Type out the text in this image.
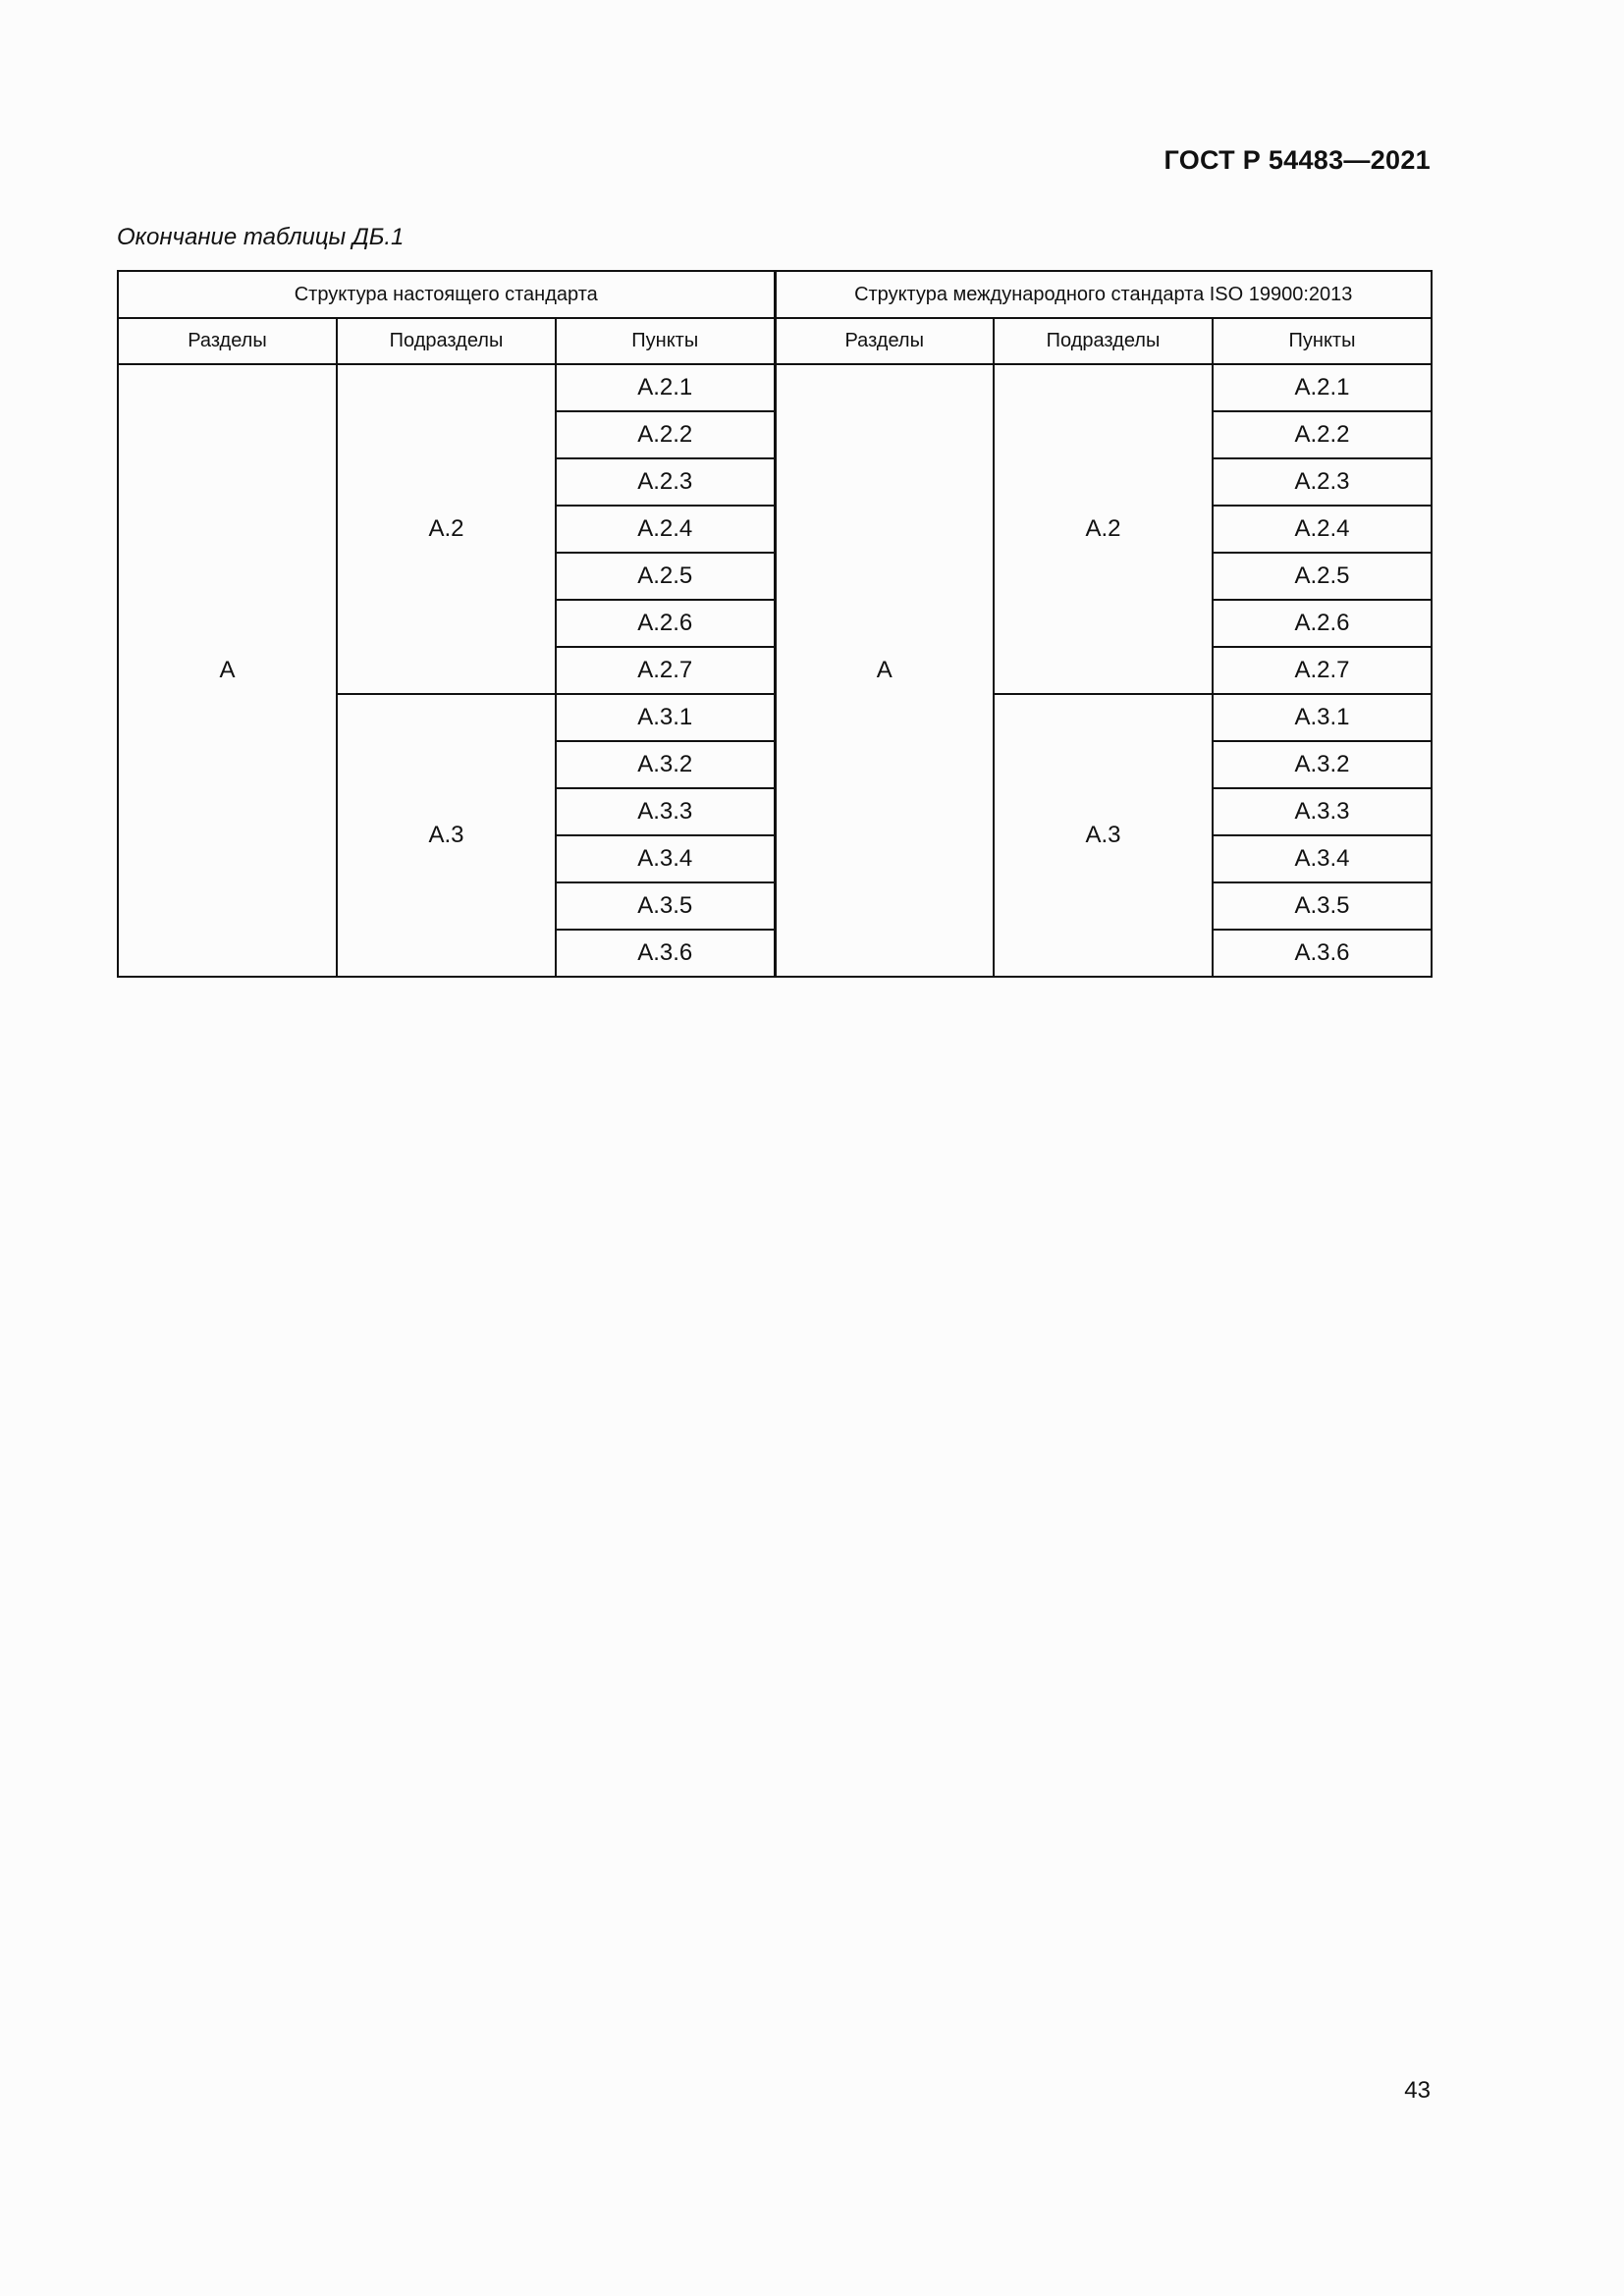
ГОСТ Р 54483—2021
Окончание таблицы ДБ.1
Структура настоящего стандарта			Структура международного стандарта ISO 19900:2013		
Разделы	Подразделы	Пункты	Разделы	Подразделы	Пункты
А	А.2	А.2.1	А	А.2	А.2.1
		А.2.2			А.2.2
		А.2.3			А.2.3
		А.2.4			А.2.4
		А.2.5			А.2.5
		А.2.6			А.2.6
		А.2.7			А.2.7
	А.3	А.3.1		А.3	А.3.1
		А.3.2			А.3.2
		А.3.3			А.3.3
		А.3.4			А.3.4
		А.3.5			А.3.5
		А.3.6			А.3.6
43
